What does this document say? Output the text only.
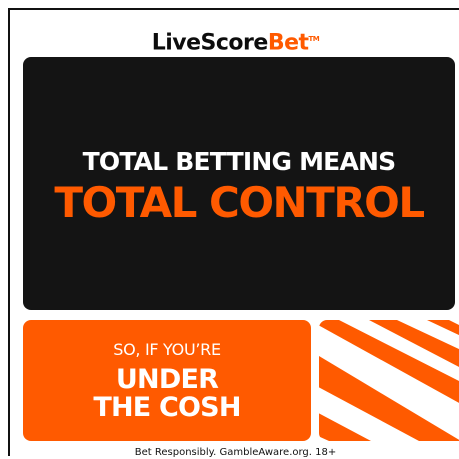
LiveScoreBet™
TOTAL BETTING MEANS
TOTAL CONTROL
SO, IF YOU’RE
UNDER
THE COSH
Bet Responsibly. GambleAware.org. 18+
